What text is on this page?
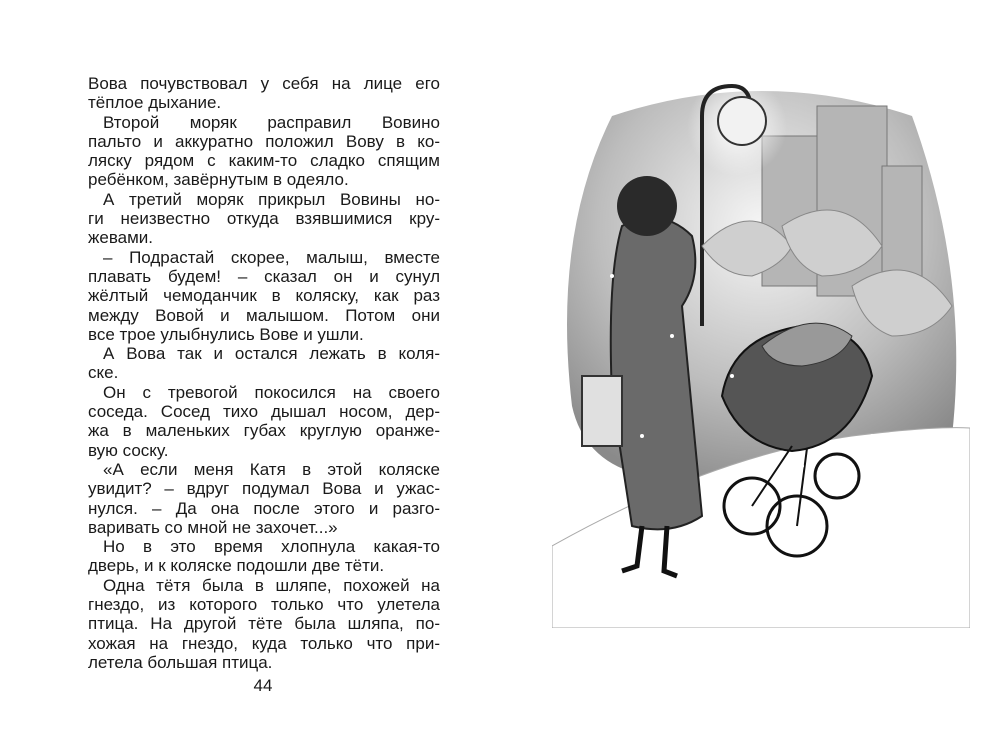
Вова почувствовал у себя на лице его
тёплое дыхание.

Второй моряк расправил Вовино
пальто и аккуратно положил Вову в ко-
ляску рядом с каким-то сладко спящим
ребёнком, завёрнутым в одеяло.

А третий моряк прикрыл Вовины но-
ги неизвестно откуда взявшимися кру-
жевами.

– Подрастай скорее, малыш, вместе
плавать будем! – сказал он и сунул
жёлтый чемоданчик в коляску, как раз
между Вовой и малышом. Потом они
все трое улыбнулись Вове и ушли.

А Вова так и остался лежать в коля-
ске.

Он с тревогой покосился на своего
соседа. Сосед тихо дышал носом, дер-
жа в маленьких губах круглую оранже-
вую соску.

«А если меня Катя в этой коляске
увидит? – вдруг подумал Вова и ужас-
нулся. – Да она после этого и разго-
варивать со мной не захочет...»

Но в это время хлопнула какая-то
дверь, и к коляске подошли две тёти.

Одна тётя была в шляпе, похожей на
гнездо, из которого только что улетела
птица. На другой тёте была шляпа, по-
хожая на гнездо, куда только что при-
летела большая птица.

44
